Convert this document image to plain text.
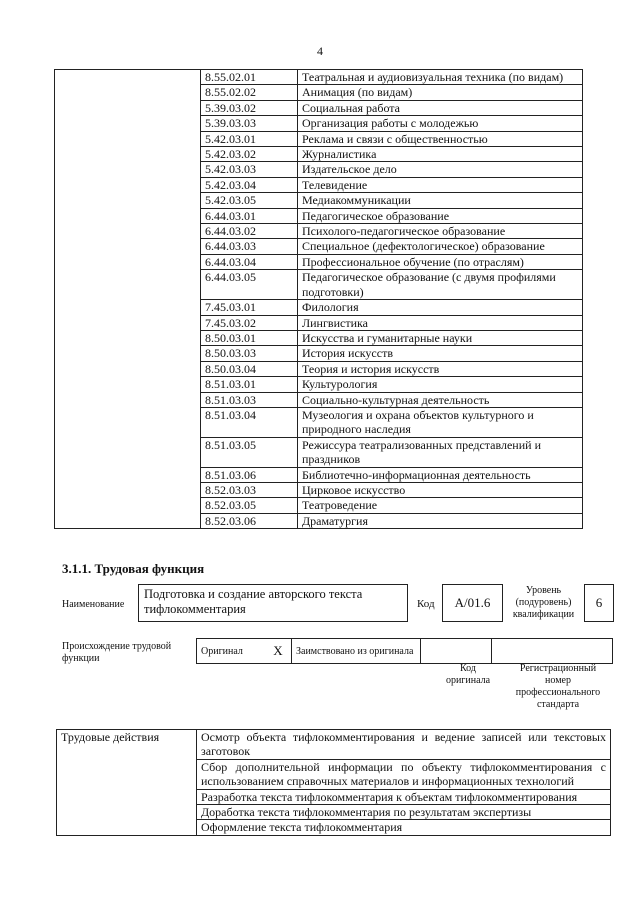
4
	8.55.02.01	Театральная и аудиовизуальная техника (по видам)
	8.55.02.02	Анимация (по видам)
	5.39.03.02	Социальная работа
	5.39.03.03	Организация работы с молодежью
	5.42.03.01	Реклама и связи с общественностью
	5.42.03.02	Журналистика
	5.42.03.03	Издательское дело
	5.42.03.04	Телевидение
	5.42.03.05	Медиакоммуникации
	6.44.03.01	Педагогическое образование
	6.44.03.02	Психолого-педагогическое образование
	6.44.03.03	Специальное (дефектологическое) образование
	6.44.03.04	Профессиональное обучение (по отраслям)
	6.44.03.05	Педагогическое образование (с двумя профилями подготовки)
	7.45.03.01	Филология
	7.45.03.02	Лингвистика
	8.50.03.01	Искусства и гуманитарные науки
	8.50.03.03	История искусств
	8.50.03.04	Теория и история искусств
	8.51.03.01	Культурология
	8.51.03.03	Социально-культурная деятельность
	8.51.03.04	Музеология и охрана объектов культурного и природного наследия
	8.51.03.05	Режиссура театрализованных представлений и праздников
	8.51.03.06	Библиотечно-информационная деятельность
	8.52.03.03	Цирковое искусство
	8.52.03.05	Театроведение
	8.52.03.06	Драматургия
3.1.1. Трудовая функция
Наименование
Подготовка и создание авторского текста тифлокомментария	Код A/01.6
Уровень (подуровень) квалификации
6
Происхождение трудовой функции
Оригинал	X	Заимствовано из оригинала		
Код оригинала
Регистрационный номер профессионального стандарта
Трудовые действия	Осмотр объекта тифлокомментирования и ведение записей или текстовых заготовок
Сбор дополнительной информации по объекту тифлокомментирования с использованием справочных материалов и информационных технологий
Разработка текста тифлокомментария к объектам тифлокомментирования
Доработка текста тифлокомментария по результатам экспертизы
Оформление текста тифлокомментария
